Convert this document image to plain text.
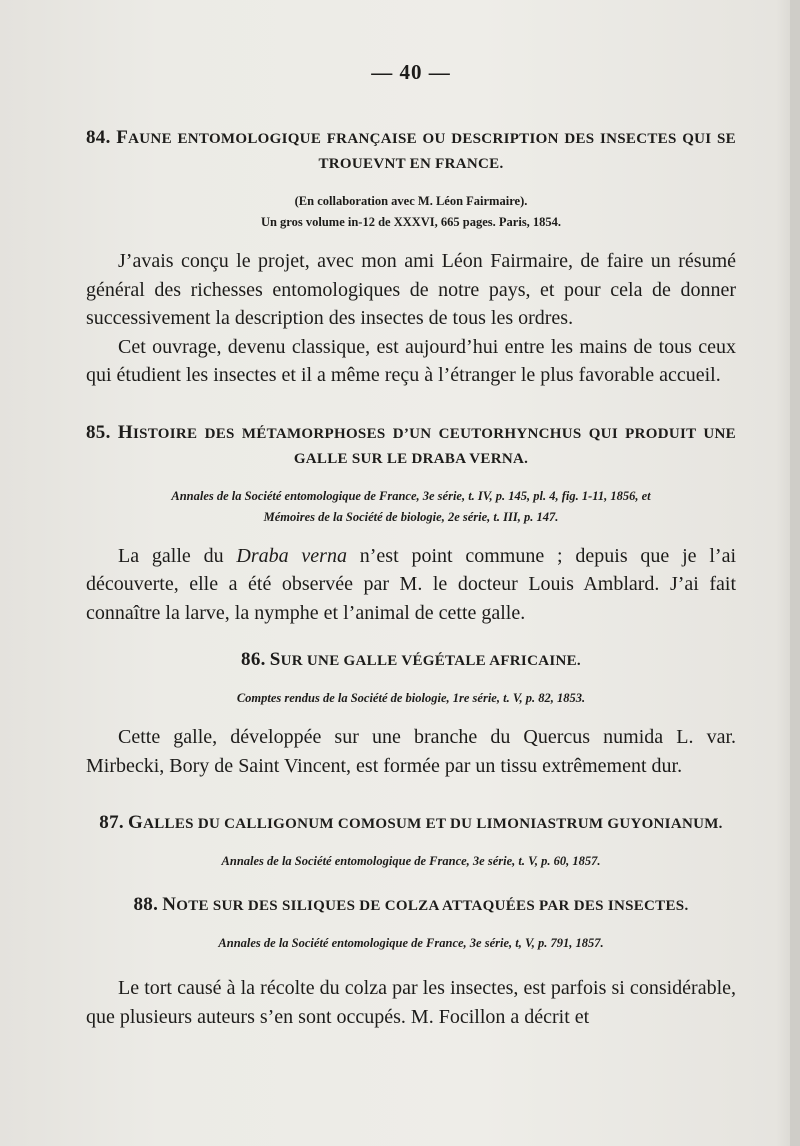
— 40 —
84. FAUNE ENTOMOLOGIQUE FRANÇAISE OU DESCRIPTION DES INSECTES QUI SE TROUEVNT EN FRANCE.
(En collaboration avec M. Léon Fairmaire).
Un gros volume in-12 de XXXVI, 665 pages. Paris, 1854.

J’avais conçu le projet, avec mon ami Léon Fairmaire, de faire un résumé général des richesses entomologiques de notre pays, et pour cela de donner successivement la description des insectes de tous les ordres.

Cet ouvrage, devenu classique, est aujourd’hui entre les mains de tous ceux qui étudient les insectes et il a même reçu à l’étranger le plus favorable accueil.

85. HISTOIRE DES MÉTAMORPHOSES D’UN CEUTORHYNCHUS QUI PRODUIT UNE GALLE SUR LE DRABA VERNA.
Annales de la Société entomologique de France, 3e série, t. IV, p. 145, pl. 4, fig. 1-11, 1856, et
Mémoires de la Société de biologie, 2e série, t. III, p. 147.

La galle du Draba verna n’est point commune ; depuis que je l’ai découverte, elle a été observée par M. le docteur Louis Amblard. J’ai fait connaître la larve, la nymphe et l’animal de cette galle.

86. SUR UNE GALLE VÉGÉTALE AFRICAINE.
Comptes rendus de la Société de biologie, 1re série, t. V, p. 82, 1853.

Cette galle, développée sur une branche du Quercus numida L. var. Mirbecki, Bory de Saint Vincent, est formée par un tissu extrêmement dur.

87. GALLES DU CALLIGONUM COMOSUM ET DU LIMONIASTRUM GUYONIANUM.
Annales de la Société entomologique de France, 3e série, t. V, p. 60, 1857.
88. NOTE SUR DES SILIQUES DE COLZA ATTAQUÉES PAR DES INSECTES.
Annales de la Société entomologique de France, 3e série, t, V, p. 791, 1857.

Le tort causé à la récolte du colza par les insectes, est parfois si considérable, que plusieurs auteurs s’en sont occupés. M. Focillon a décrit et
